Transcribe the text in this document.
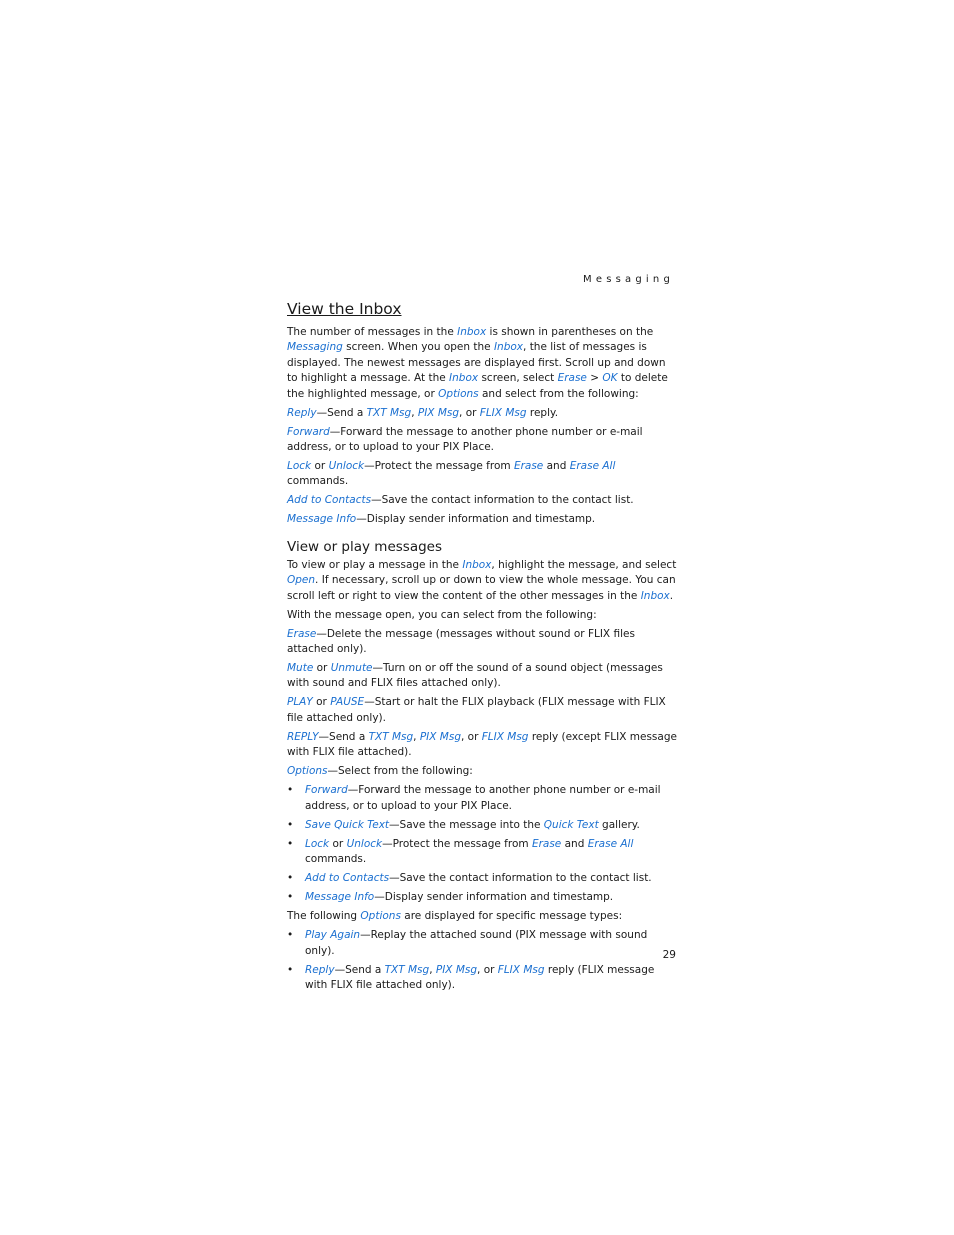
Messaging
View the Inbox

The number of messages in the Inbox is shown in parentheses on the Messaging screen. When you open the Inbox, the list of messages is displayed. The newest messages are displayed first. Scroll up and down to highlight a message. At the Inbox screen, select Erase > OK to delete the highlighted message, or Options and select from the following:

Reply—Send a TXT Msg, PIX Msg, or FLIX Msg reply.

Forward—Forward the message to another phone number or e-mail address, or to upload to your PIX Place.

Lock or Unlock—Protect the message from Erase and Erase All commands.

Add to Contacts—Save the contact information to the contact list.

Message Info—Display sender information and timestamp.

View or play messages

To view or play a message in the Inbox, highlight the message, and select Open. If necessary, scroll up or down to view the whole message. You can scroll left or right to view the content of the other messages in the Inbox.

With the message open, you can select from the following:

Erase—Delete the message (messages without sound or FLIX files attached only).

Mute or Unmute—Turn on or off the sound of a sound object (messages with sound and FLIX files attached only).

PLAY or PAUSE—Start or halt the FLIX playback (FLIX message with FLIX file attached only).

REPLY—Send a TXT Msg, PIX Msg, or FLIX Msg reply (except FLIX message with FLIX file attached).

Options—Select from the following:

• Forward—Forward the message to another phone number or e-mail address, or to upload to your PIX Place.
• Save Quick Text—Save the message into the Quick Text gallery.
• Lock or Unlock—Protect the message from Erase and Erase All commands.
• Add to Contacts—Save the contact information to the contact list.
• Message Info—Display sender information and timestamp.

The following Options are displayed for specific message types:

• Play Again—Replay the attached sound (PIX message with sound only).
• Reply—Send a TXT Msg, PIX Msg, or FLIX Msg reply (FLIX message with FLIX file attached only).
29
